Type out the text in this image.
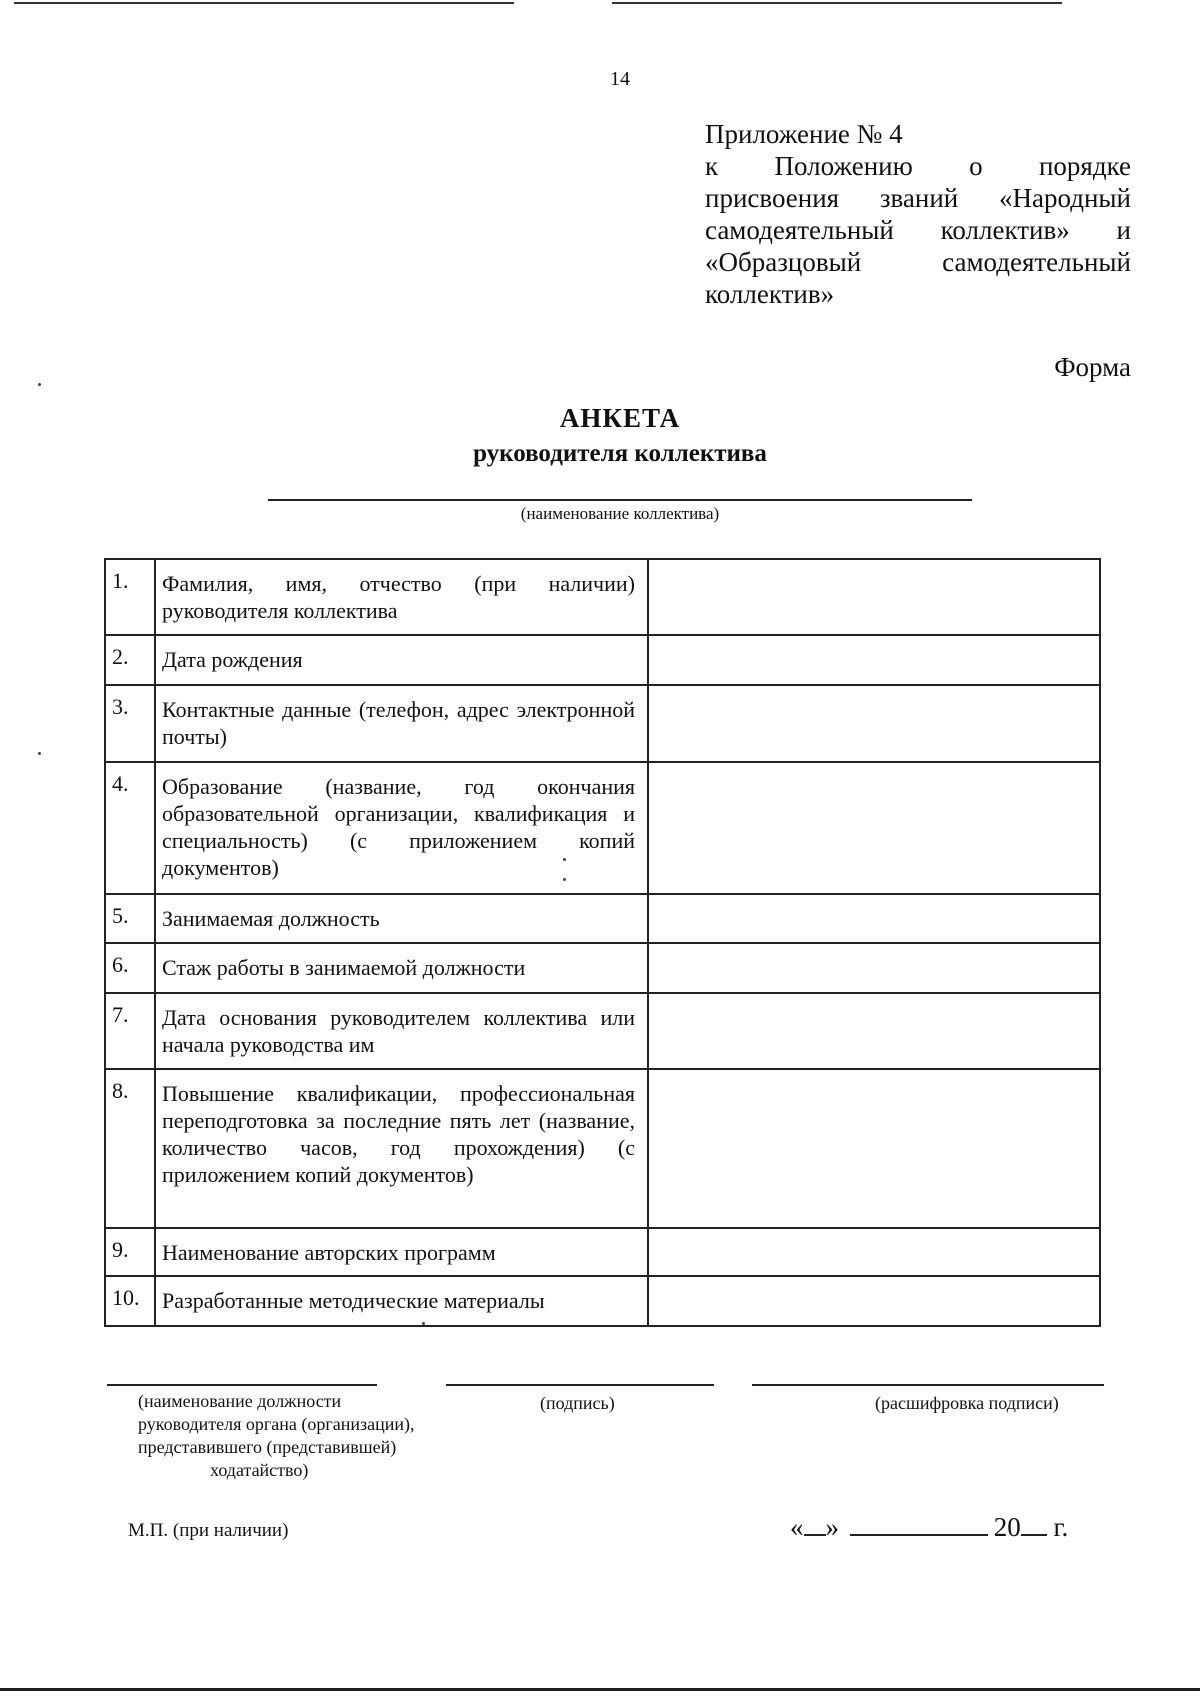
14
Приложение № 4
к Положению о порядке
присвоения званий «Народный
самодеятельный коллектив» и
«Образцовый самодеятельный
коллектив»
Форма
АНКЕТА
руководителя коллектива
(наименование коллектива)
1.	Фамилия, имя, отчество (при наличии) руководителя коллектива	

2.	Дата рождения	

3.	Контактные данные (телефон, адрес электронной почты)	

4.	Образование (название, год окончания образовательной организации, квалификация и специальность) (с приложением копий документов)	

5.	Занимаемая должность	

6.	Стаж работы в занимаемой должности	

7.	Дата основания руководителем коллектива или начала руководства им	

8.	Повышение квалификации, профессиональная переподготовка за последние пять лет (название, количество часов, год прохождения) (с приложением копий документов)	

9.	Наименование авторских программ	

10.	Разработанные методические материалы	

(наименование должности
руководителя органа (организации),
представившего (представившей)
ходатайство)
(подпись)	(расшифровка подписи)
М.П. (при наличии)	« »	20 г.
